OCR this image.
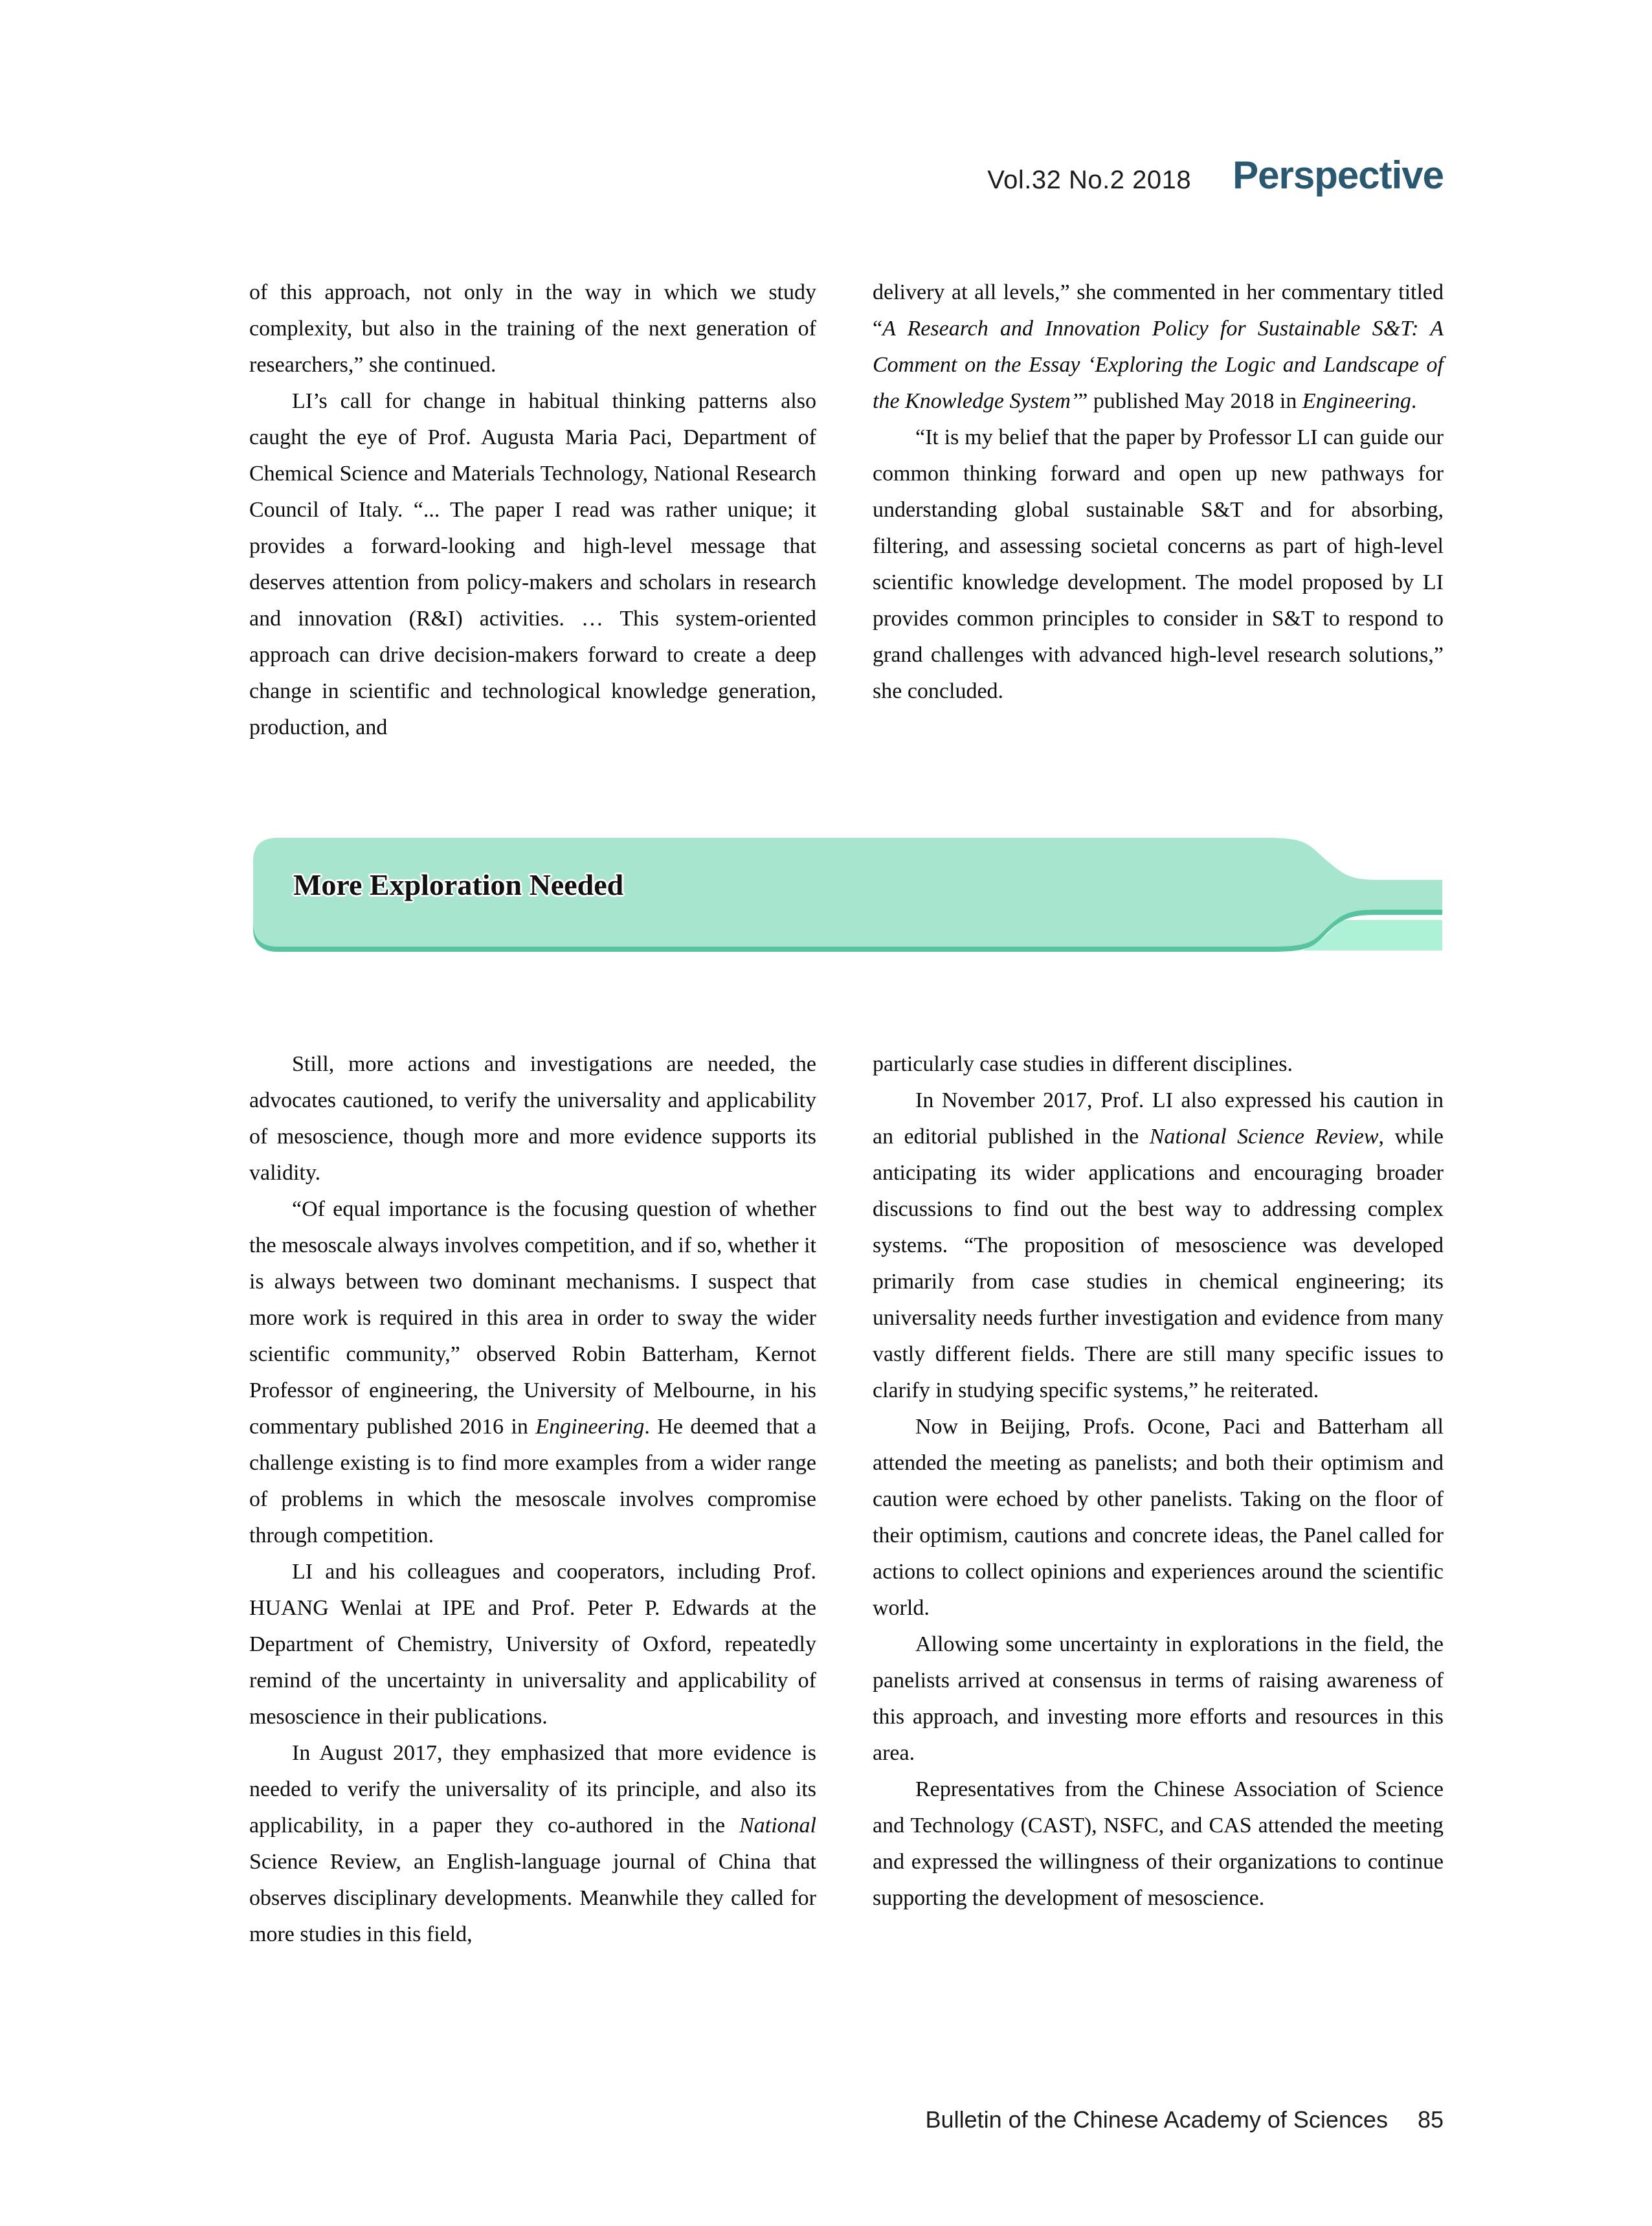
Vol.32 No.2 2018 Perspective

of this approach, not only in the way in which we study complexity, but also in the training of the next generation of researchers,” she continued.

LI’s call for change in habitual thinking patterns also caught the eye of Prof. Augusta Maria Paci, Department of Chemical Science and Materials Technology, National Research Council of Italy. “... The paper I read was rather unique; it provides a forward-looking and high-level message that deserves attention from policy-makers and scholars in research and innovation (R&I) activities. … This system-oriented approach can drive decision-makers forward to create a deep change in scientific and technological knowledge generation, production, and

delivery at all levels,” she commented in her commentary titled “A Research and Innovation Policy for Sustainable S&T: A Comment on the Essay ‘Exploring the Logic and Landscape of the Knowledge System’” published May 2018 in Engineering.

“It is my belief that the paper by Professor LI can guide our common thinking forward and open up new pathways for understanding global sustainable S&T and for absorbing, filtering, and assessing societal concerns as part of high-level scientific knowledge development. The model proposed by LI provides common principles to consider in S&T to respond to grand challenges with advanced high-level research solutions,” she concluded.

More Exploration Needed

Still, more actions and investigations are needed, the advocates cautioned, to verify the universality and applicability of mesoscience, though more and more evidence supports its validity.

“Of equal importance is the focusing question of whether the mesoscale always involves competition, and if so, whether it is always between two dominant mechanisms. I suspect that more work is required in this area in order to sway the wider scientific community,” observed Robin Batterham, Kernot Professor of engineering, the University of Melbourne, in his commentary published 2016 in Engineering. He deemed that a challenge existing is to find more examples from a wider range of problems in which the mesoscale involves compromise through competition.

LI and his colleagues and cooperators, including Prof. HUANG Wenlai at IPE and Prof. Peter P. Edwards at the Department of Chemistry, University of Oxford, repeatedly remind of the uncertainty in universality and applicability of mesoscience in their publications.

In August 2017, they emphasized that more evidence is needed to verify the universality of its principle, and also its applicability, in a paper they co-authored in the National Science Review, an English-language journal of China that observes disciplinary developments. Meanwhile they called for more studies in this field,

particularly case studies in different disciplines.

In November 2017, Prof. LI also expressed his caution in an editorial published in the National Science Review, while anticipating its wider applications and encouraging broader discussions to find out the best way to addressing complex systems. “The proposition of mesoscience was developed primarily from case studies in chemical engineering; its universality needs further investigation and evidence from many vastly different fields. There are still many specific issues to clarify in studying specific systems,” he reiterated.

Now in Beijing, Profs. Ocone, Paci and Batterham all attended the meeting as panelists; and both their optimism and caution were echoed by other panelists. Taking on the floor of their optimism, cautions and concrete ideas, the Panel called for actions to collect opinions and experiences around the scientific world.

Allowing some uncertainty in explorations in the field, the panelists arrived at consensus in terms of raising awareness of this approach, and investing more efforts and resources in this area.

Representatives from the Chinese Association of Science and Technology (CAST), NSFC, and CAS attended the meeting and expressed the willingness of their organizations to continue supporting the development of mesoscience.

Bulletin of the Chinese Academy of Sciences 85
